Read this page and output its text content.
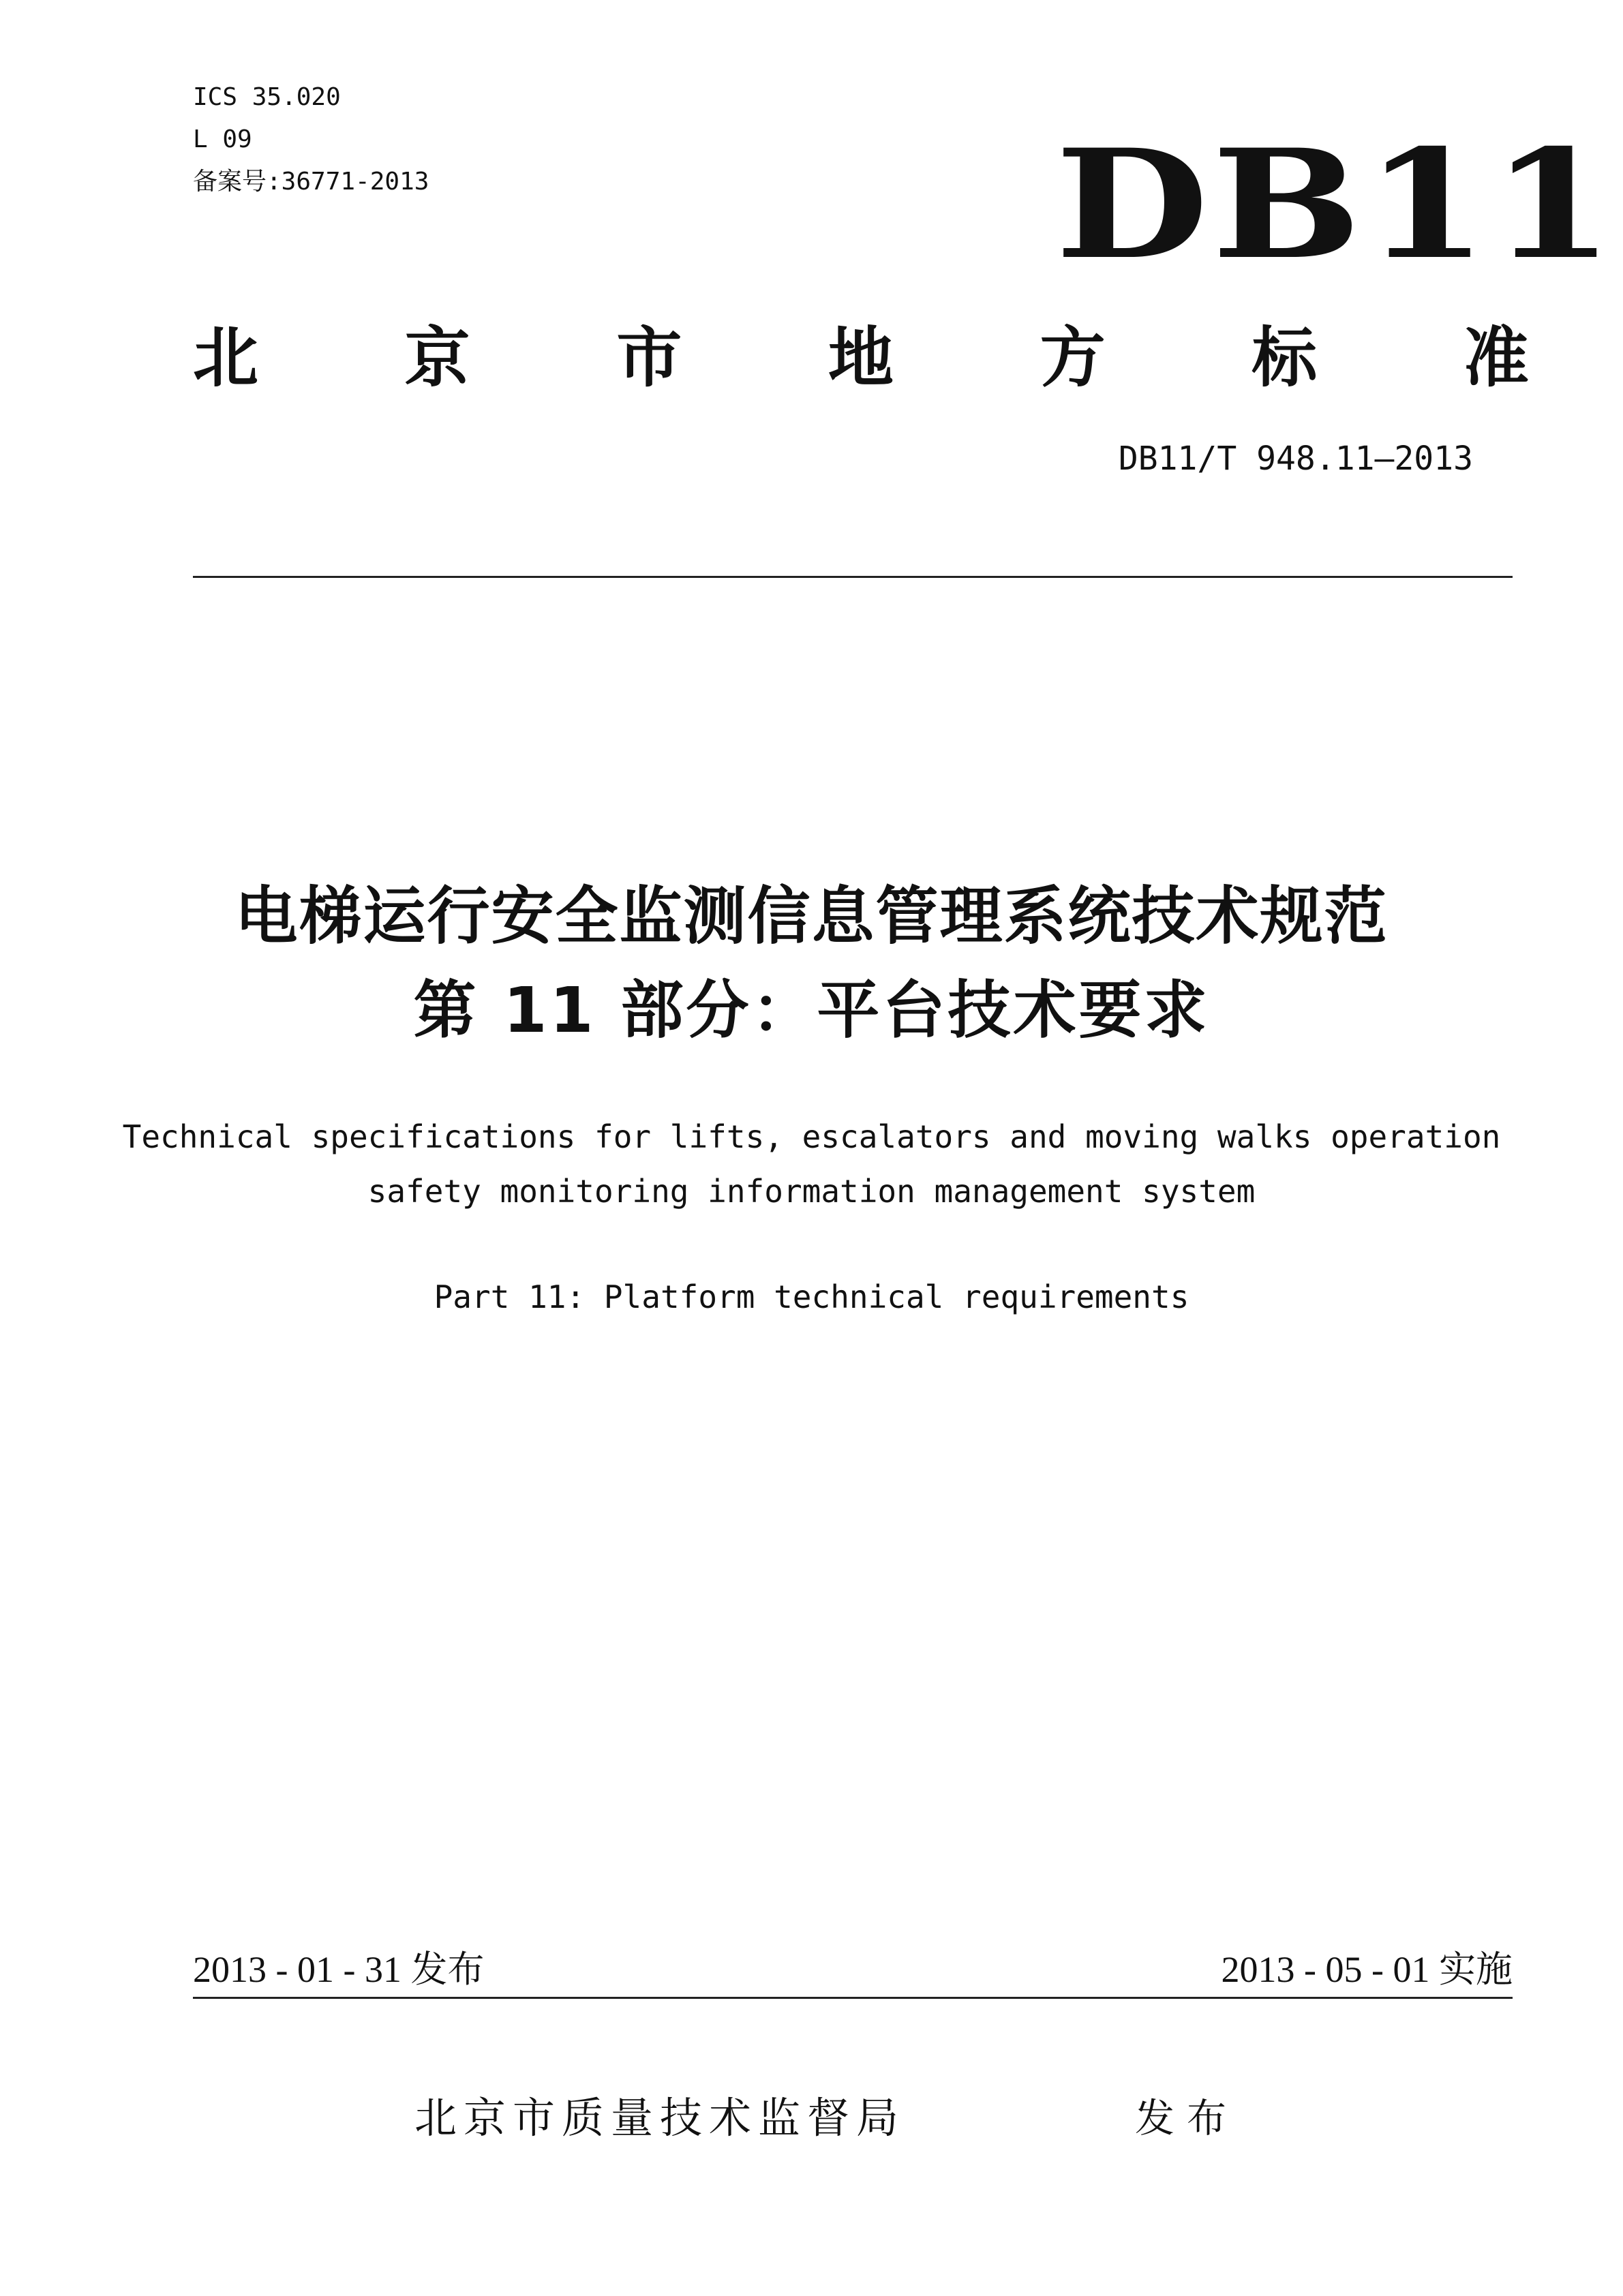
ICS 35.020
L 09
备案号:36771-2013	DB11
北 京 市 地 方 标 准
DB11/T 948.11—2013
电梯运行安全监测信息管理系统技术规范
第 11 部分：平台技术要求
Technical specifications for lifts, escalators and moving walks operation
safety monitoring information management system
Part 11: Platform technical requirements
2013 - 01 - 31 发布	2013 - 05 - 01 实施
北京市质量技术监督局	发布
